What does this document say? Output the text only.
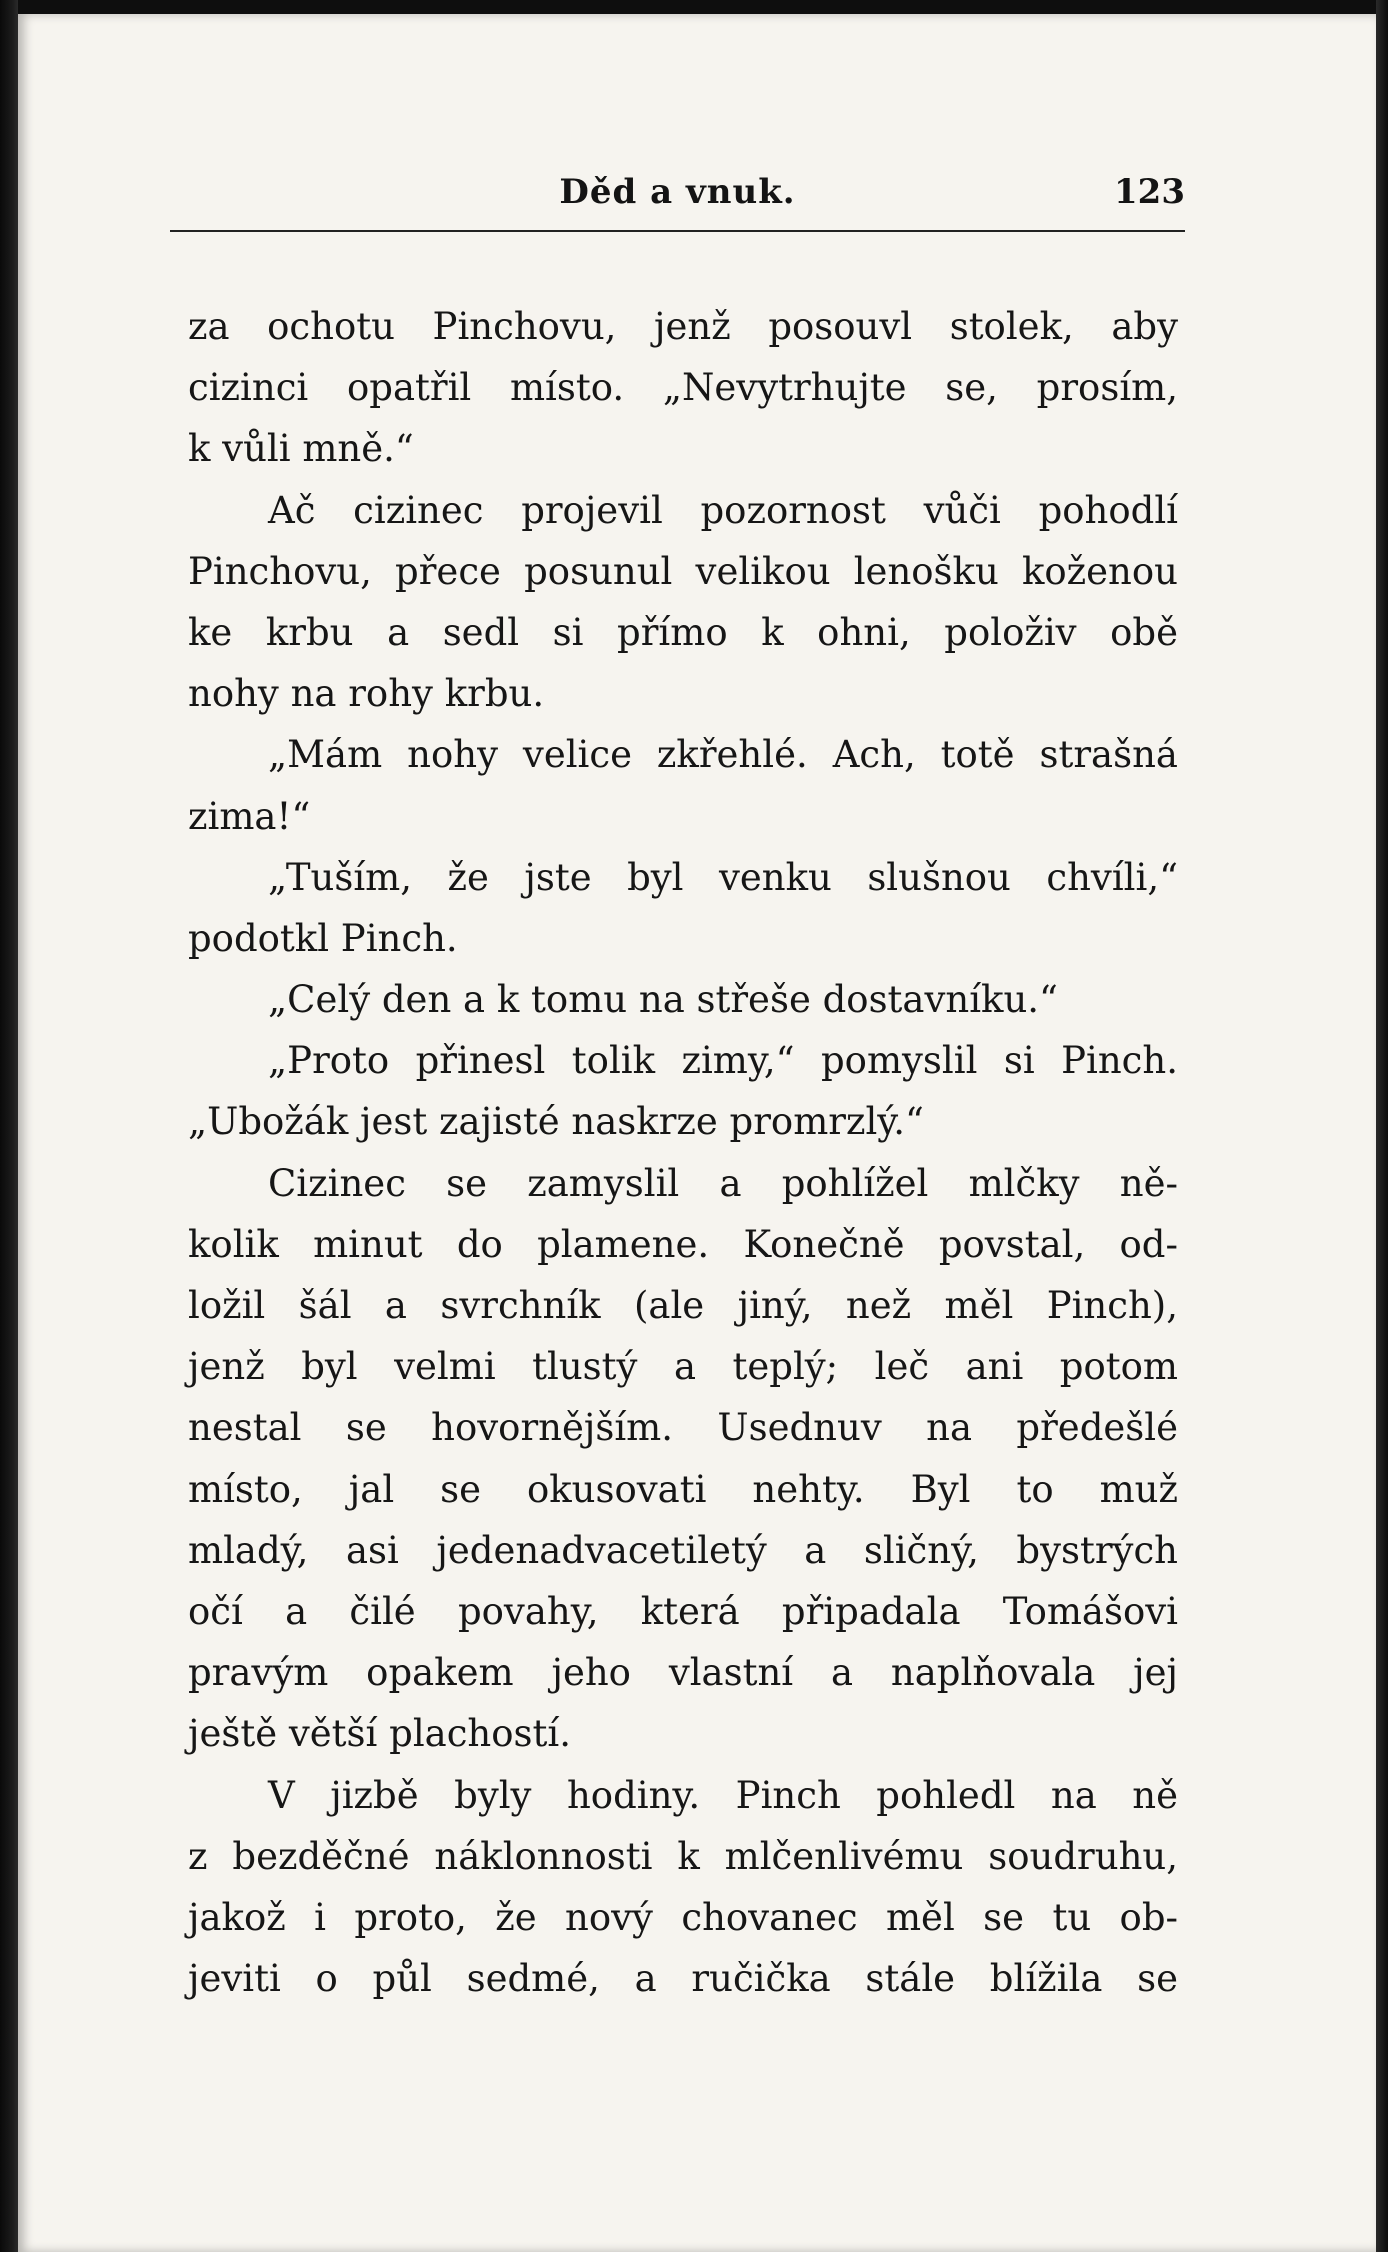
Děd a vnuk.	123
za ochotu Pinchovu, jenž posouvl stolek, aby
cizinci opatřil místo. „Nevytrhujte se, prosím,
k vůli mně.“
Ač cizinec projevil pozornost vůči pohodlí
Pinchovu, přece posunul velikou lenošku koženou
ke krbu a sedl si přímo k ohni, položiv obě
nohy na rohy krbu.
„Mám nohy velice zkřehlé. Ach, totě strašná
zima!“
„Tuším, že jste byl venku slušnou chvíli,“
podotkl Pinch.
„Celý den a k tomu na střeše dostavníku.“
„Proto přinesl tolik zimy,“ pomyslil si Pinch.
„Ubožák jest zajisté naskrze promrzlý.“
Cizinec se zamyslil a pohlížel mlčky ně-
kolik minut do plamene. Konečně povstal, od-
ložil šál a svrchník (ale jiný, než měl Pinch),
jenž byl velmi tlustý a teplý; leč ani potom
nestal se hovornějším. Usednuv na předešlé
místo, jal se okusovati nehty. Byl to muž
mladý, asi jedenadvacetiletý a sličný, bystrých
očí a čilé povahy, která připadala Tomášovi
pravým opakem jeho vlastní a naplňovala jej
ještě větší plachostí.
V jizbě byly hodiny. Pinch pohledl na ně
z bezděčné náklonnosti k mlčenlivému soudruhu,
jakož i proto, že nový chovanec měl se tu ob-
jeviti o půl sedmé, a ručička stále blížila se
